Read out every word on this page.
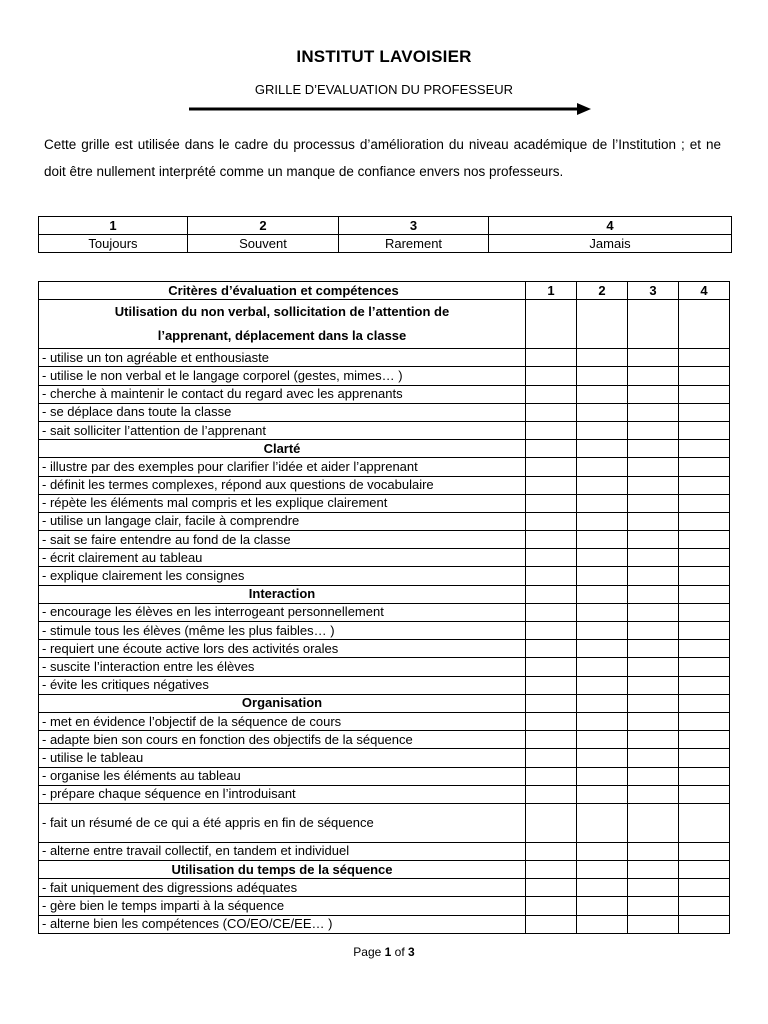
INSTITUT LAVOISIER
GRILLE D’EVALUATION DU PROFESSEUR

Cette grille est utilisée dans le cadre du processus d’amélioration du niveau académique de l’Institution ; et ne doit être nullement interprété comme un manque de confiance envers nos professeurs.

1	2	3	4
Toujours	Souvent	Rarement	Jamais
Critères d’évaluation et compétences	1	2	3	4

Utilisation du non verbal, sollicitation de l’attention de
l’apprenant, déplacement dans la classe				

- utilise un ton agréable et enthousiaste				
- utilise le non verbal et le langage corporel (gestes, mimes… )				
- cherche à maintenir le contact du regard avec les apprenants				
- se déplace dans toute la classe				
- sait solliciter l’attention de l’apprenant				
Clarté				
- illustre par des exemples pour clarifier l’idée et aider l’apprenant				
- définit les termes complexes, répond aux questions de vocabulaire				
- répète les éléments mal compris et les explique clairement				
- utilise un langage clair, facile à comprendre				
- sait se faire entendre au fond de la classe				
- écrit clairement au tableau				
- explique clairement les consignes				
Interaction				
- encourage les élèves en les interrogeant personnellement				
- stimule tous les élèves (même les plus faibles… )				
- requiert une écoute active lors des activités orales				
- suscite l’interaction entre les élèves				
- évite les critiques négatives				
Organisation				
- met en évidence l’objectif de la séquence de cours				
- adapte bien son cours en fonction des objectifs de la séquence				
- utilise le tableau				
- organise les éléments au tableau				
- prépare chaque séquence en l’introduisant				
- fait un résumé de ce qui a été appris en fin de séquence				
- alterne entre travail collectif, en tandem et individuel				
Utilisation du temps de la séquence				
- fait uniquement des digressions adéquates				
- gère bien le temps imparti à la séquence				
- alterne bien les compétences (CO/EO/CE/EE… )				
Page 1 of 3
